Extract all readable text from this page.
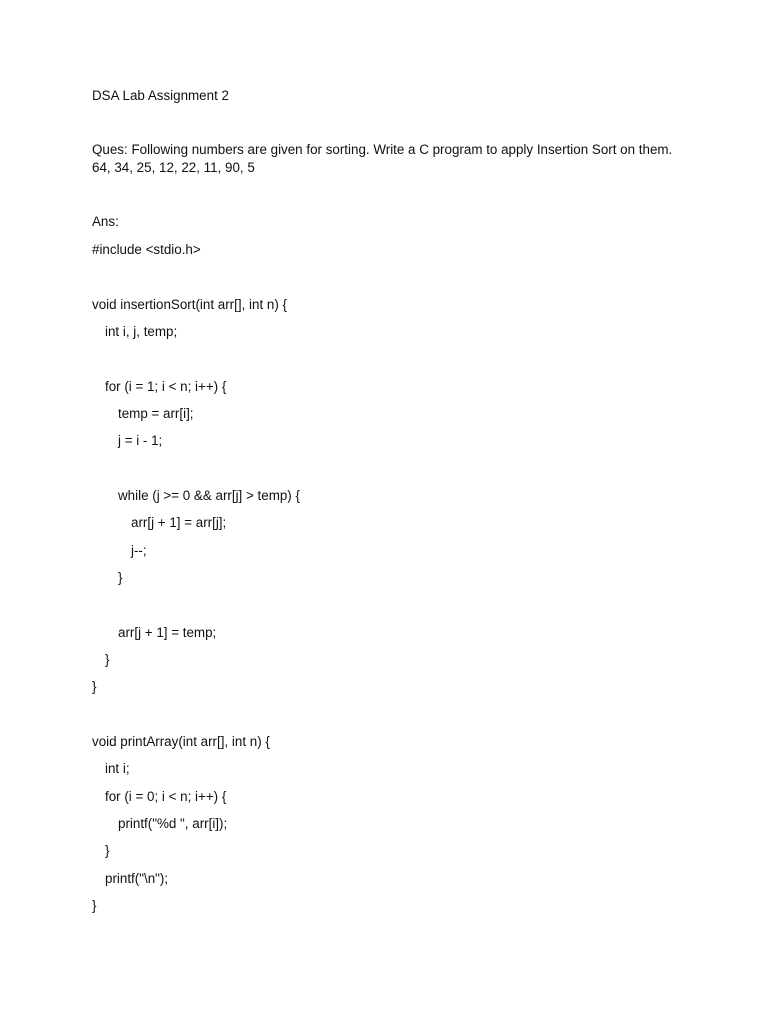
DSA Lab Assignment 2
Ques: Following numbers are given for sorting. Write a C program to apply Insertion Sort on them.
64, 34, 25, 12, 22, 11, 90, 5
Ans:
#include <stdio.h>
void insertionSort(int arr[], int n) {
int i, j, temp;
for (i = 1; i < n; i++) {
temp = arr[i];
j = i - 1;
while (j >= 0 && arr[j] > temp) {
arr[j + 1] = arr[j];
j--;
}
arr[j + 1] = temp;
}
}
void printArray(int arr[], int n) {
int i;
for (i = 0; i < n; i++) {
printf("%d ", arr[i]);
}
printf("\n");
}
